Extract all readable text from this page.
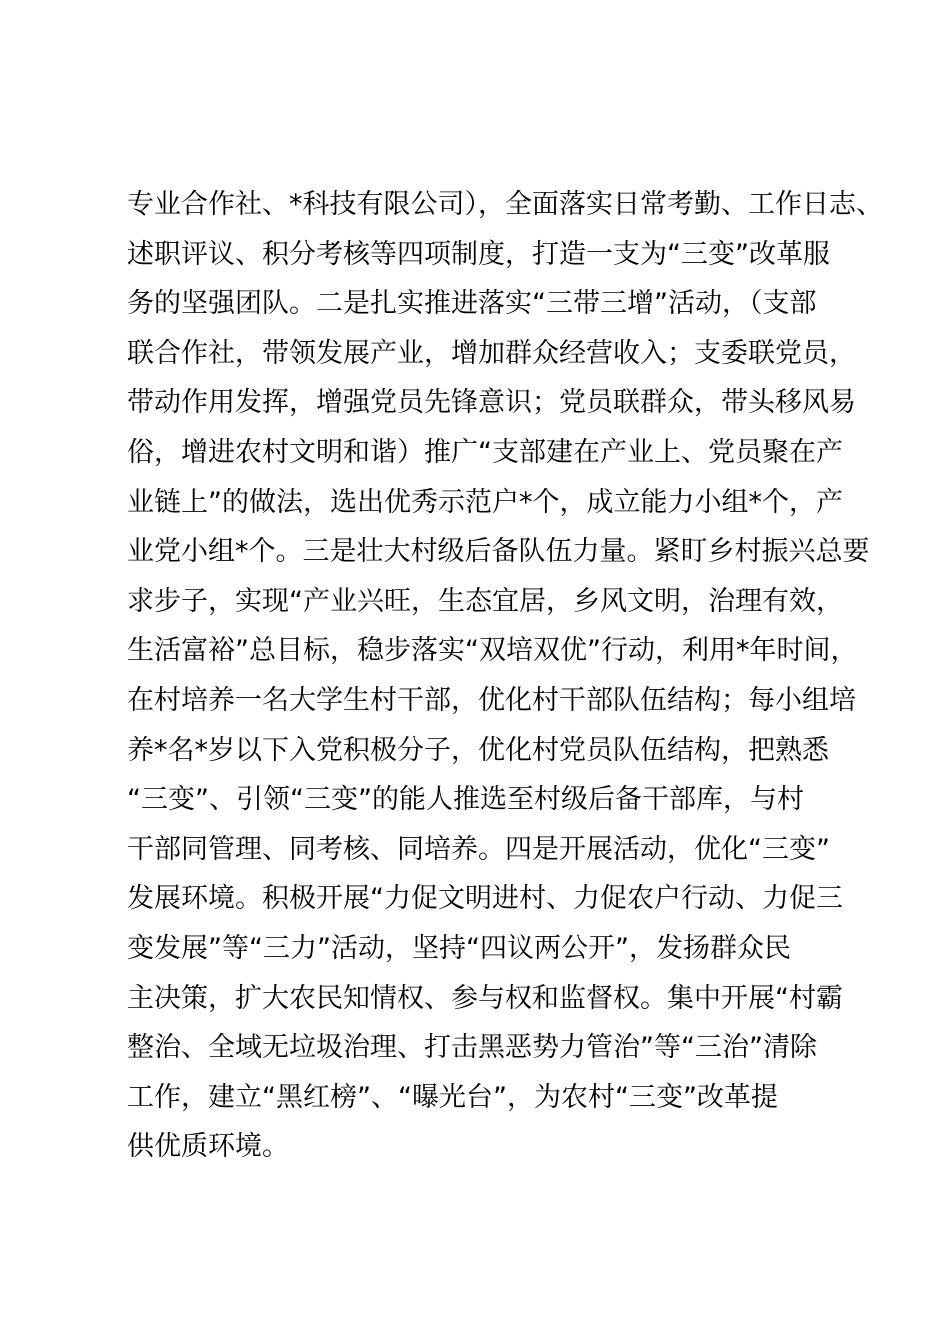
专业合作社、*科技有限公司），全面落实日常考勤、工作日志、
述职评议、积分考核等四项制度，打造一支为“三变”改革服
务的坚强团队。二是扎实推进落实“三带三增”活动，（支部
联合作社，带领发展产业，增加群众经营收入；支委联党员，
带动作用发挥，增强党员先锋意识；党员联群众，带头移风易
俗，增进农村文明和谐）推广“支部建在产业上、党员聚在产
业链上”的做法，选出优秀示范户*个，成立能力小组*个，产
业党小组*个。三是壮大村级后备队伍力量。紧盯乡村振兴总要
求步子，实现“产业兴旺，生态宜居，乡风文明，治理有效，
生活富裕”总目标，稳步落实“双培双优”行动，利用*年时间，
在村培养一名大学生村干部，优化村干部队伍结构；每小组培
养*名*岁以下入党积极分子，优化村党员队伍结构，把熟悉
“三变”、引领“三变”的能人推选至村级后备干部库，与村
干部同管理、同考核、同培养。四是开展活动，优化“三变”
发展环境。积极开展“力促文明进村、力促农户行动、力促三
变发展”等“三力”活动，坚持“四议两公开”，发扬群众民
主决策，扩大农民知情权、参与权和监督权。集中开展“村霸
整治、全域无垃圾治理、打击黑恶势力管治”等“三治”清除
工作，建立“黑红榜”、“曝光台”，为农村“三变”改革提
供优质环境。
